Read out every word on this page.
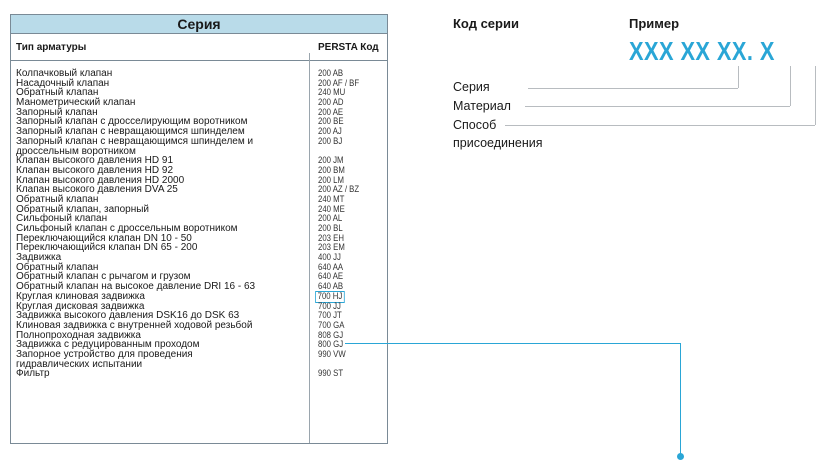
Серия
Тип арматуры	PERSTA Код
Колпачковый клапан	200 AB
Насадочный клапан	200 AF / BF
Обратный клапан	240 MU
Манометрический клапан	200 AD
Запорный клапан	200 AE
Запорный клапан с дросселирующим воротником	200 BE
Запорный клапан с невращающимся шпинделем	200 AJ
Запорный клапан с невращающимся шпинделем и	200 BJ
дроссельным воротником
Клапан высокого давления HD 91	200 JM
Клапан высокого давления HD 92	200 BM
Клапан высокого давления HD 2000	200 LM
Клапан высокого давления DVA 25	200 AZ / BZ
Обратный клапан	240 MT
Обратный клапан, запорный	240 ME
Сильфоный клапан	200 AL
Сильфоный клапан с дроссельным воротником	200 BL
Переключающийся клапан DN 10 - 50	203 EH
Переключающийся клапан DN 65 - 200	203 EM
Задвижка	400 JJ
Обратный клапан	640 AA
Обратный клапан с рычагом и грузом	640 AE
Обратный клапан на высокое давление DRI 16 - 63	640 AB
Круглая клиновая задвижка	700 HJ
Круглая дисковая задвижка	700 JJ
Задвижка высокого давления DSK16 до DSK 63	700 JT
Клиновая задвижка с внутренней ходовой резьбой	700 GA
Полнопроходная задвижка	808 GJ
Задвижка с редуцированным проходом	800 GJ
Запорное устройство для проведения	990 VW
гидравлических испытании
Фильтр	990 ST
Код серии	Пример
XXX XX XX. X
Серия
Материал
Способ
присоединения
